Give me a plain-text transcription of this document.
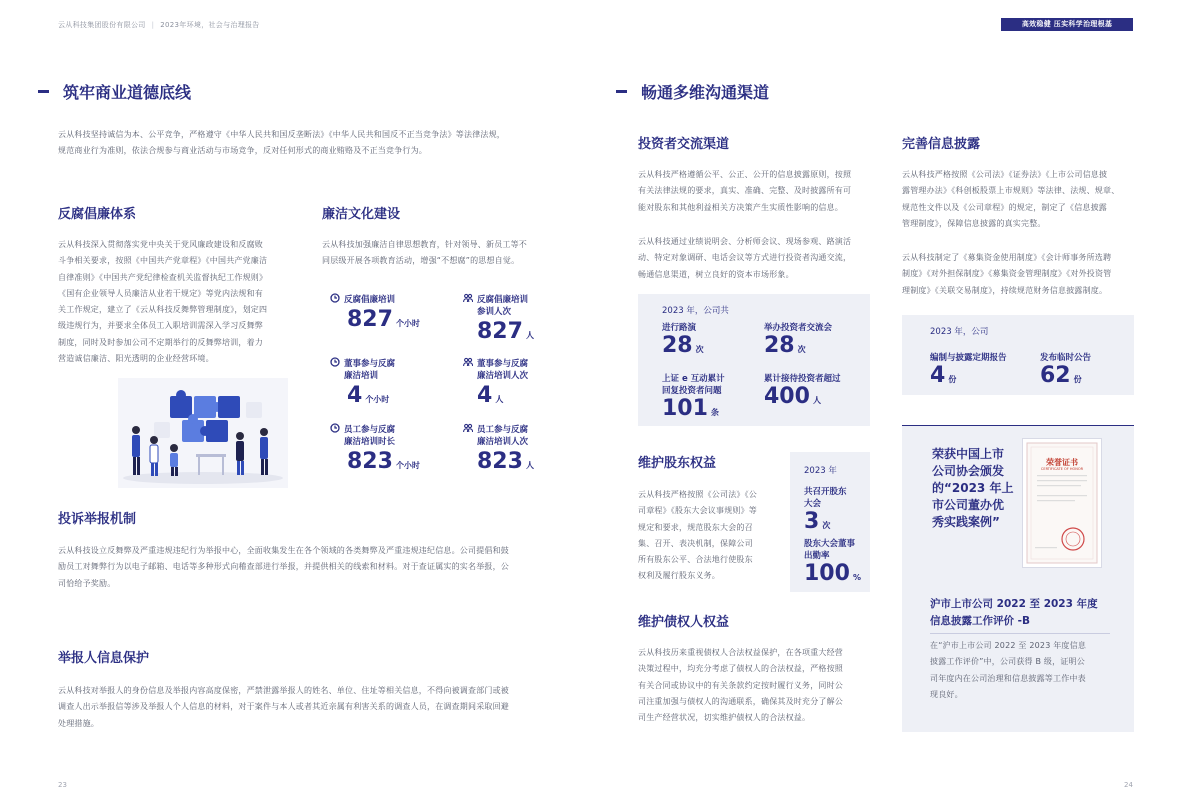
云从科技集团股份有限公司 | 2023年环境，社会与治理报告	高效稳健 压实科学治理根基
筑牢商业道德底线
云从科技坚持诚信为本、公平竞争，严格遵守《中华人民共和国反垄断法》《中华人民共和国反不正当竞争法》等法律法规，
规范商业行为准则，依法合规参与商业活动与市场竞争，反对任何形式的商业贿赂及不正当竞争行为。
反腐倡廉体系
云从科技深入贯彻落实党中央关于党风廉政建设和反腐败
斗争相关要求，按照《中国共产党章程》《中国共产党廉洁
自律准则》《中国共产党纪律检查机关监督执纪工作规则》
《国有企业领导人员廉洁从业若干规定》等党内法规和有
关工作规定，建立了《云从科技反舞弊管理制度》，划定四
级违规行为，并要求全体员工入职培训需深入学习反舞弊
制度，同时及时参加公司不定期举行的反舞弊培训，着力
营造诚信廉洁、阳光透明的企业经营环境。
廉洁文化建设
云从科技加强廉洁自律思想教育，针对领导、新员工等不
同层级开展各项教育活动，增强“不想腐”的思想自觉。
反腐倡廉培训
827 个小时
反腐倡廉培训
参训人次
827 人
董事参与反腐
廉洁培训
4 个小时
董事参与反腐
廉洁培训人次
4 人
员工参与反腐
廉洁培训时长
823 个小时
员工参与反腐
廉洁培训人次
823 人
投诉举报机制
云从科技设立反舞弊及严重违规违纪行为举报中心，全面收集发生在各个领域的各类舞弊及严重违规违纪信息。公司提倡和鼓
励员工对舞弊行为以电子邮箱、电话等多种形式向稽查部进行举报，并提供相关的线索和材料。对于查证属实的实名举报，公
司恰给予奖励。
举报人信息保护
云从科技对举报人的身份信息及举报内容高度保密，严禁泄露举报人的姓名、单位、住址等相关信息，不得向被调查部门或被
调查人出示举报信等涉及举报人个人信息的材料，对于案件与本人或者其近亲属有利害关系的调查人员，在调查期间采取回避
处理措施。
23
畅通多维沟通渠道
投资者交流渠道
云从科技严格遵循公平、公正、公开的信息披露原则，按照
有关法律法规的要求，真实、准确、完整、及时披露所有可
能对股东和其他利益相关方决策产生实质性影响的信息。
云从科技通过业绩说明会、分析师会议、现场参观、路演活
动、特定对象调研、电话会议等方式进行投资者沟通交流，
畅通信息渠道，树立良好的资本市场形象。
2023 年，公司共
进行路演
28 次
举办投资者交流会
28 次
上证 e 互动累计
回复投资者问题
101 条
累计接待投资者超过
400 人
完善信息披露
云从科技严格按照《公司法》《证券法》《上市公司信息披
露管理办法》《科创板股票上市规则》等法律、法规、规章、
规范性文件以及《公司章程》的规定，制定了《信息披露
管理制度》，保障信息披露的真实完整。
云从科技制定了《募集资金使用制度》《会计师事务所选聘
制度》《对外担保制度》《募集资金管理制度》《对外投资管
理制度》《关联交易制度》，持续规范财务信息披露制度。
2023 年，公司
编制与披露定期报告
4 份
发布临时公告
62 份
维护股东权益
云从科技严格按照《公司法》《公
司章程》《股东大会议事规则》等
规定和要求，规范股东大会的召
集、召开、表决机制，保障公司
所有股东公平、合法地行使股东
权利及履行股东义务。
2023 年
共召开股东
大会
3 次
股东大会董事
出勤率
100 %
维护债权人权益
云从科技历来重视债权人合法权益保护，在各项重大经营
决策过程中，均充分考虑了债权人的合法权益，严格按照
有关合同或协议中的有关条款约定按时履行义务，同时公
司注重加强与债权人的沟通联系，确保其及时充分了解公
司生产经营状况，切实维护债权人的合法权益。
荣获中国上市
公司协会颁发
的“2023 年上
市公司董办优
秀实践案例”
荣誉证书
CERTIFICATE OF HONOR
沪市上市公司 2022 至 2023 年度
信息披露工作评价 -B
在“沪市上市公司 2022 至 2023 年度信息
披露工作评价”中，公司获得 B 级，证明公
司年度内在公司治理和信息披露等工作中表
现良好。
24
